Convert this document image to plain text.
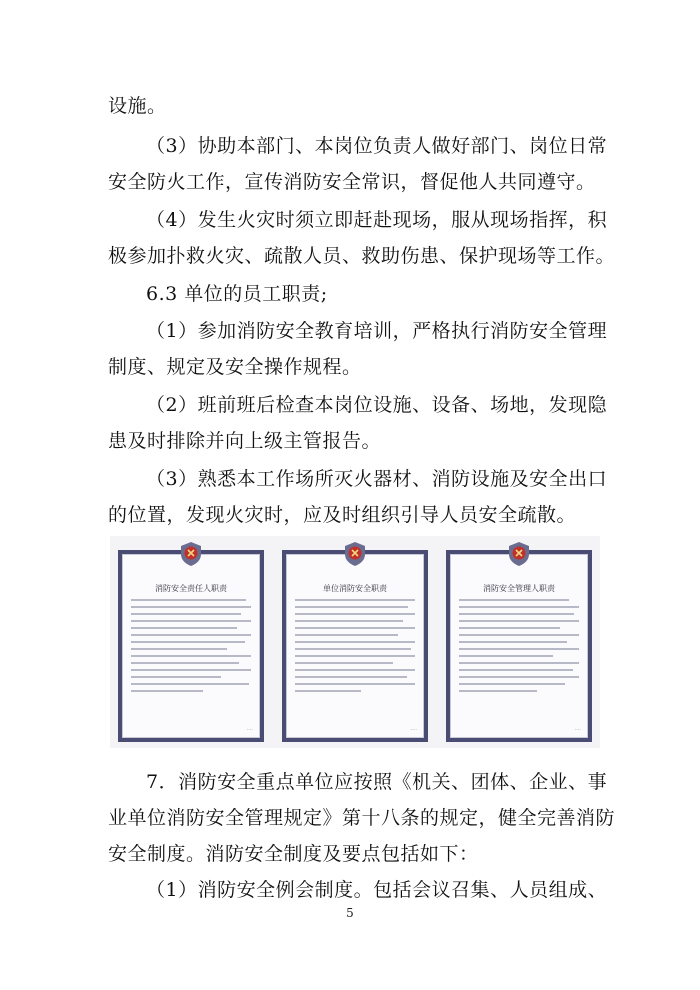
设施。

（3）协助本部门、本岗位负责人做好部门、岗位日常
安全防火工作，宣传消防安全常识，督促他人共同遵守。

（4）发生火灾时须立即赶赴现场，服从现场指挥，积
极参加扑救火灾、疏散人员、救助伤患、保护现场等工作。

6.3 单位的员工职责;

（1）参加消防安全教育培训，严格执行消防安全管理
制度、规定及安全操作规程。

（2）班前班后检查本岗位设施、设备、场地，发现隐
患及时排除并向上级主管报告。

（3）熟悉本工作场所灭火器材、消防设施及安全出口
的位置，发现火灾时，应及时组织引导人员安全疏散。

消防安全责任人职责
····
单位消防安全职责
····
消防安全管理人职责
····

7．消防安全重点单位应按照《机关、团体、企业、事
业单位消防安全管理规定》第十八条的规定，健全完善消防
安全制度。消防安全制度及要点包括如下：

（1）消防安全例会制度。包括会议召集、人员组成、

5
